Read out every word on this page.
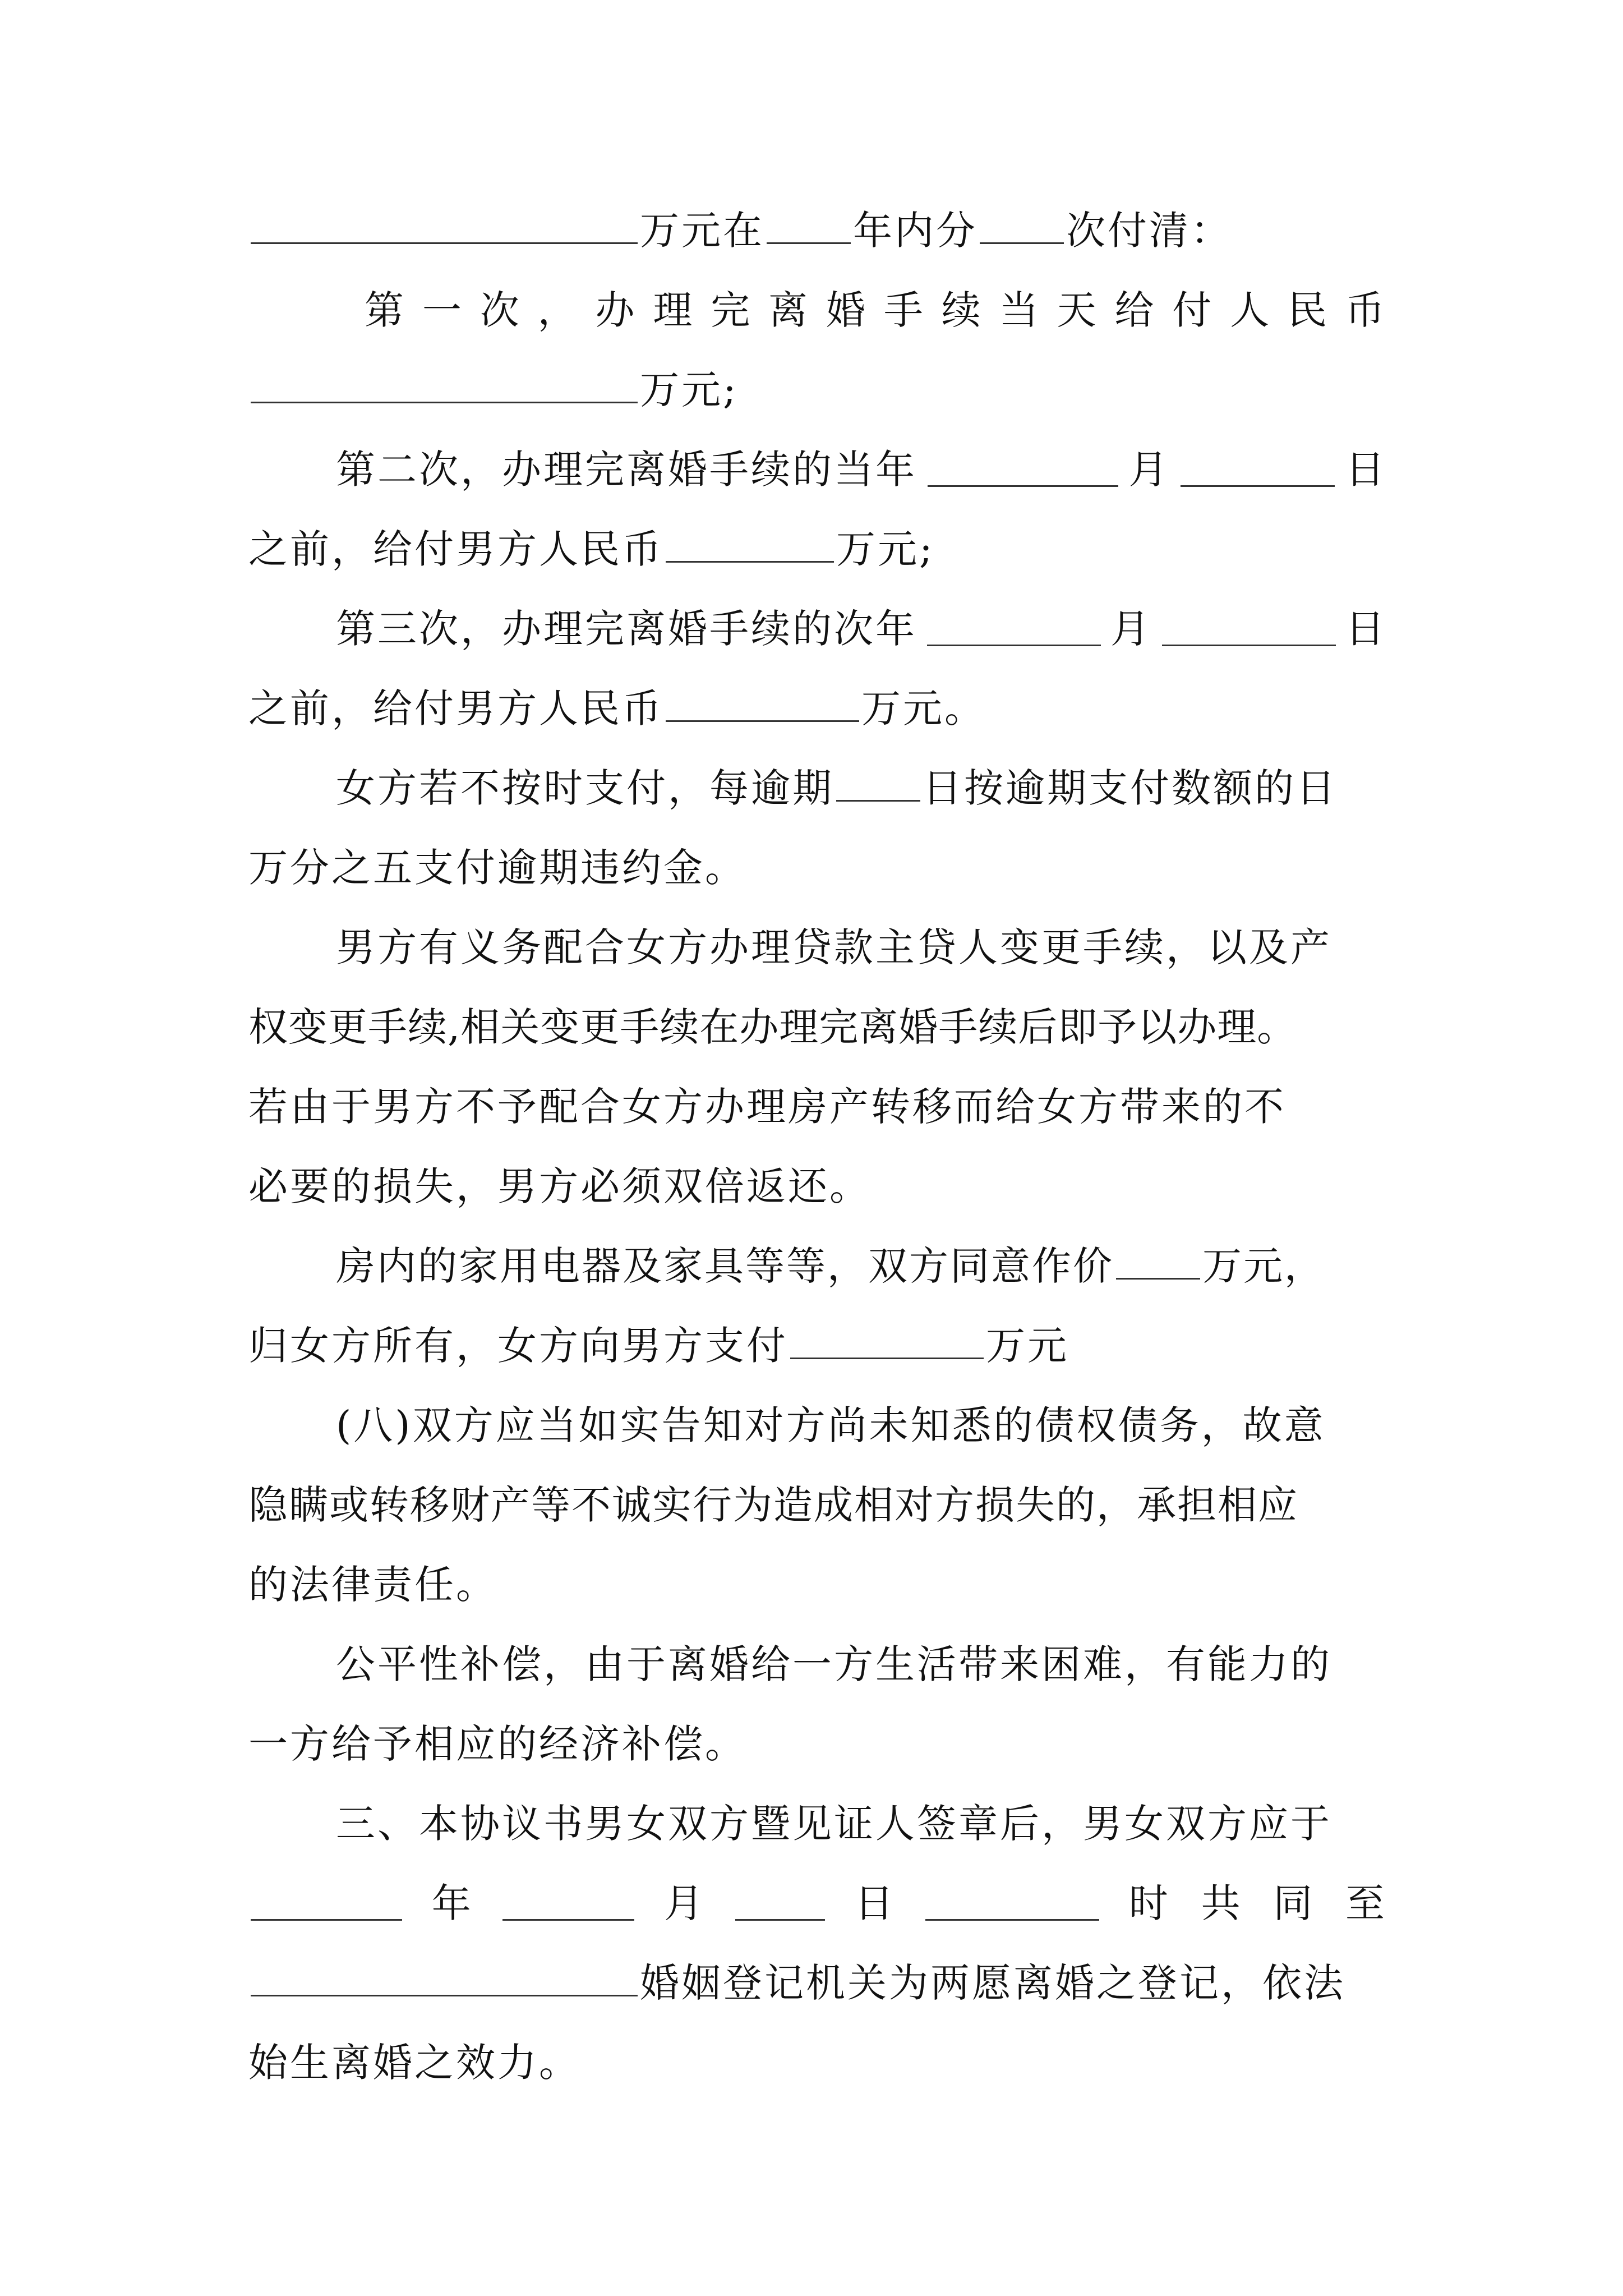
万元在 年内分 次付清：
第 一 次 ， 办 理 完 离 婚 手 续 当 天 给 付 人 民 币
万元;
第二次，办理完离婚手续的当年	月	日
之前，给付男方人民币	万元;
第三次，办理完离婚手续的次年	月	日
之前，给付男方人民币	万元。
女方若不按时支付，每逾期 日按逾期支付数额的日
万分之五支付逾期违约金。
男方有义务配合女方办理贷款主贷人变更手续，以及产
权变更手续,相关变更手续在办理完离婚手续后即予以办理。
若由于男方不予配合女方办理房产转移而给女方带来的不
必要的损失，男方必须双倍返还。
房内的家用电器及家具等等，双方同意作价 万元，
归女方所有，女方向男方支付	万元
(八)双方应当如实告知对方尚未知悉的债权债务，故意
隐瞒或转移财产等不诚实行为造成相对方损失的，承担相应
的法律责任。
公平性补偿，由于离婚给一方生活带来困难，有能力的
一方给予相应的经济补偿。
三、本协议书男女双方暨见证人签章后，男女双方应于
年	月	日	时 共 同 至
婚姻登记机关为两愿离婚之登记，依法
始生离婚之效力。
